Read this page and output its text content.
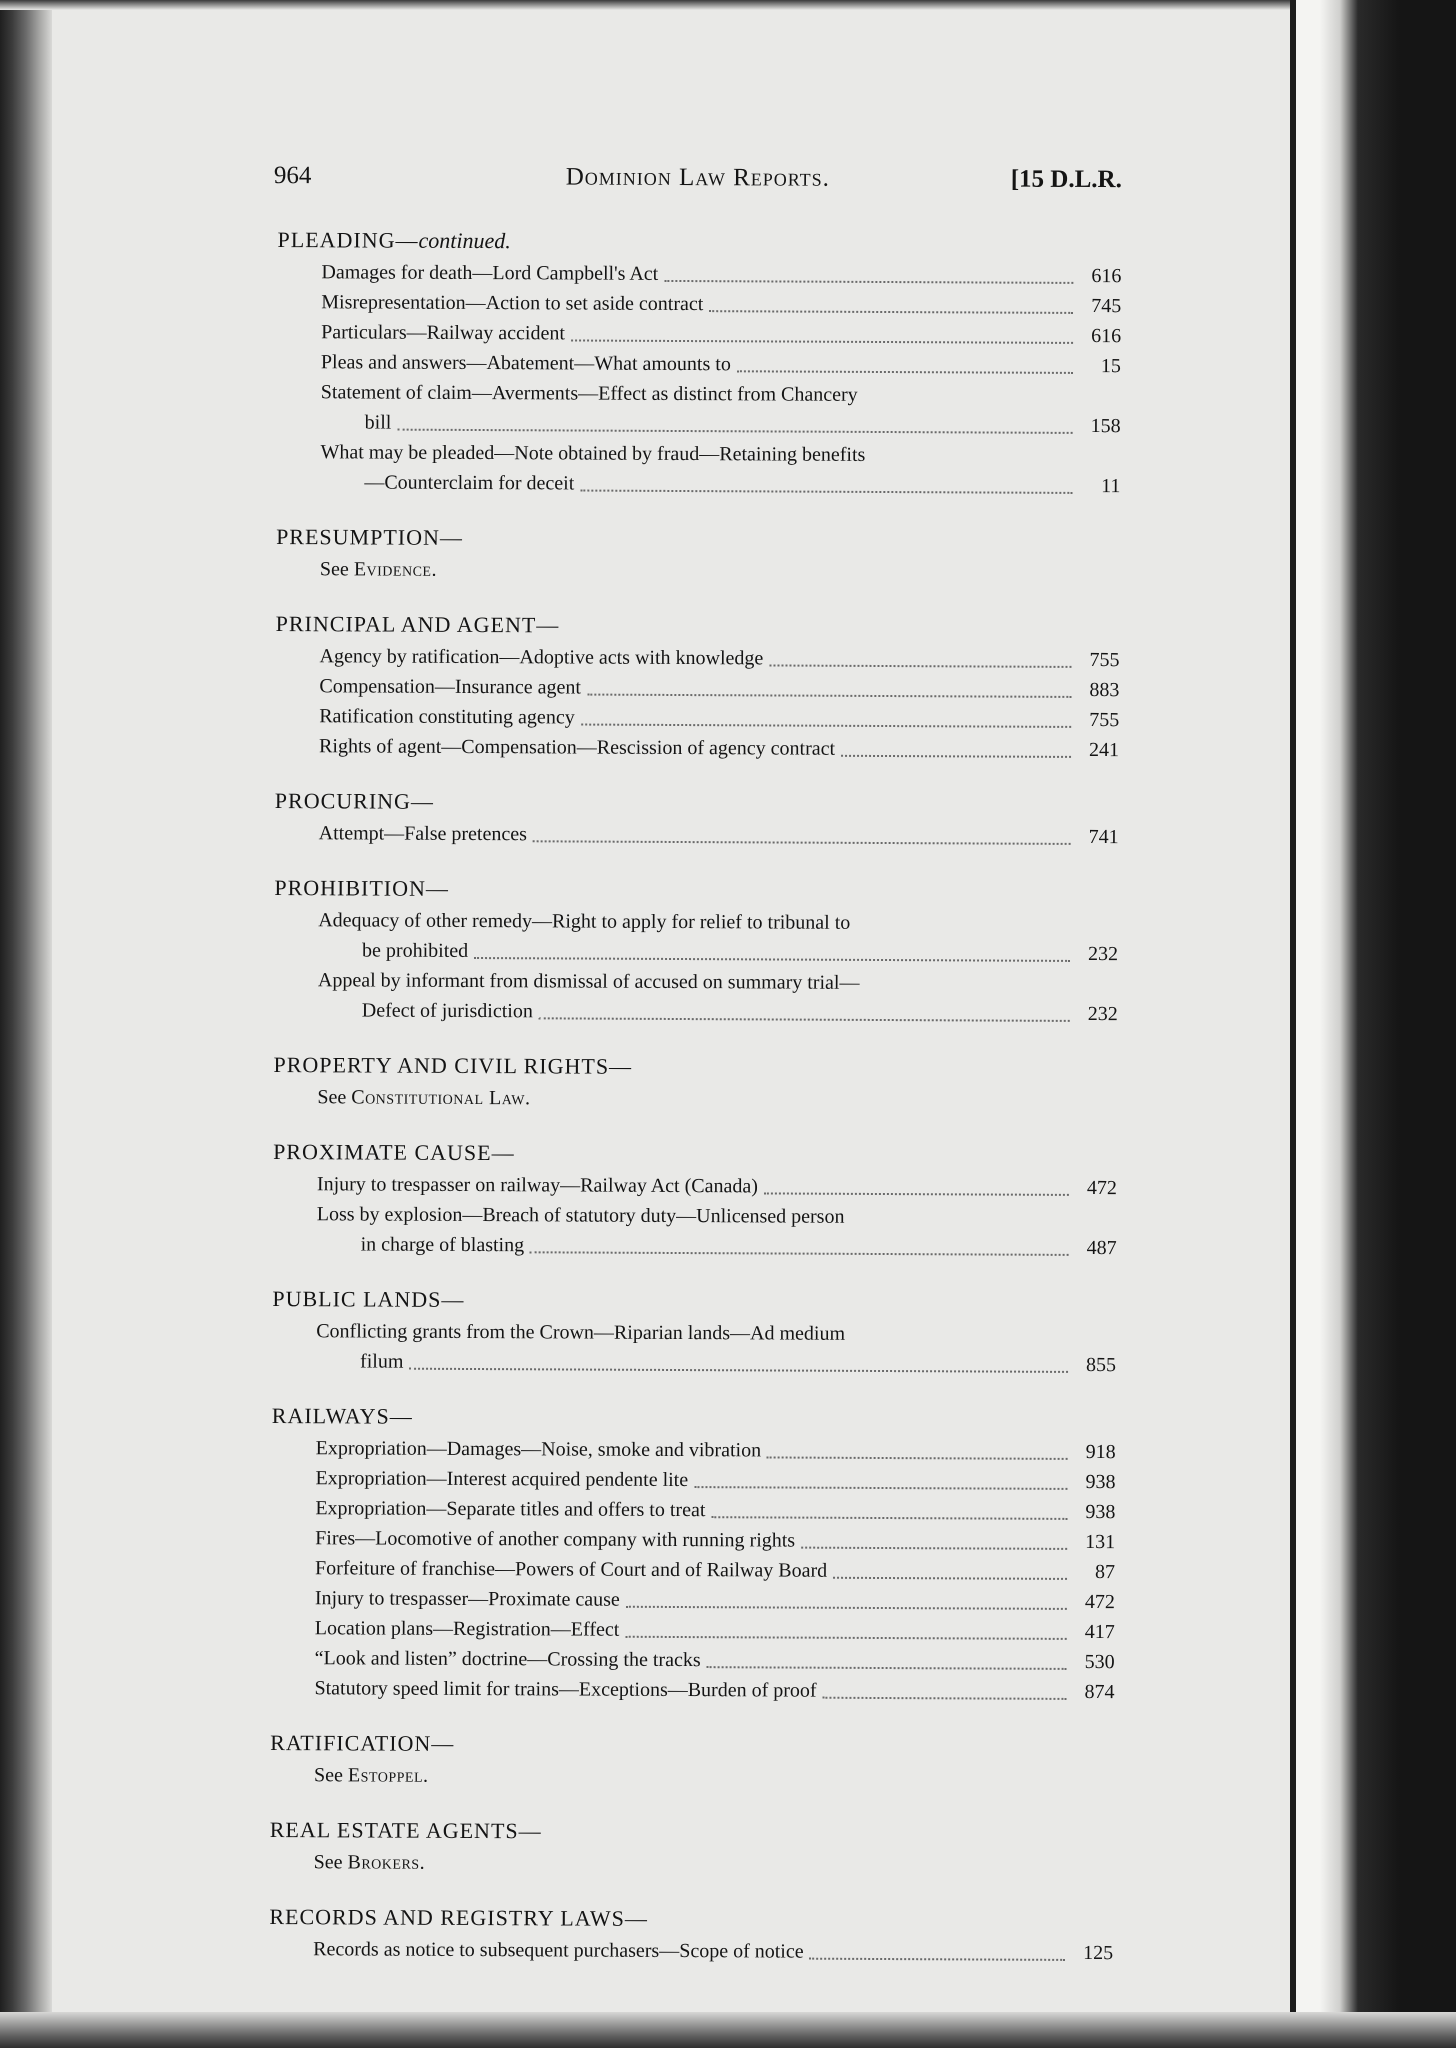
964	Dominion Law Reports.	[15 D.L.R.
PLEADING—continued.
Damages for death—Lord Campbell's Act	616
Misrepresentation—Action to set aside contract	745
Particulars—Railway accident	616
Pleas and answers—Abatement—What amounts to	15
Statement of claim—Averments—Effect as distinct from Chancery
bill	158
What may be pleaded—Note obtained by fraud—Retaining benefits
—Counterclaim for deceit	11
PRESUMPTION—
See Evidence.
PRINCIPAL AND AGENT—
Agency by ratification—Adoptive acts with knowledge	755
Compensation—Insurance agent	883
Ratification constituting agency	755
Rights of agent—Compensation—Rescission of agency contract	241
PROCURING—
Attempt—False pretences	741
PROHIBITION—
Adequacy of other remedy—Right to apply for relief to tribunal to
be prohibited	232
Appeal by informant from dismissal of accused on summary trial—
Defect of jurisdiction	232
PROPERTY AND CIVIL RIGHTS—
See Constitutional Law.
PROXIMATE CAUSE—
Injury to trespasser on railway—Railway Act (Canada)	472
Loss by explosion—Breach of statutory duty—Unlicensed person
in charge of blasting	487
PUBLIC LANDS—
Conflicting grants from the Crown—Riparian lands—Ad medium
filum	855
RAILWAYS—
Expropriation—Damages—Noise, smoke and vibration	918
Expropriation—Interest acquired pendente lite	938
Expropriation—Separate titles and offers to treat	938
Fires—Locomotive of another company with running rights	131
Forfeiture of franchise—Powers of Court and of Railway Board	87
Injury to trespasser—Proximate cause	472
Location plans—Registration—Effect	417
“Look and listen” doctrine—Crossing the tracks	530
Statutory speed limit for trains—Exceptions—Burden of proof	874
RATIFICATION—
See Estoppel.
REAL ESTATE AGENTS—
See Brokers.
RECORDS AND REGISTRY LAWS—
Records as notice to subsequent purchasers—Scope of notice	125
